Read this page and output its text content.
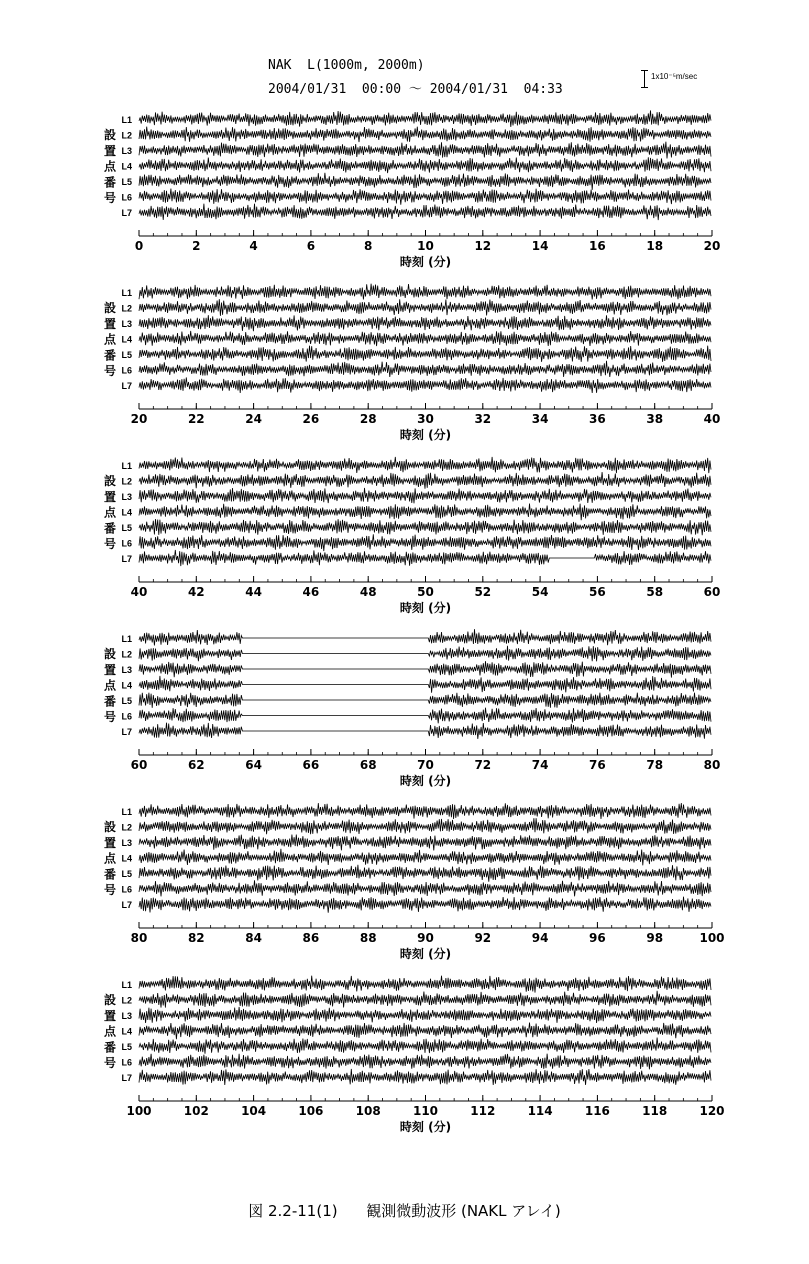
NAK  L(1000m, 2000m)
2004/01/31  00:00 〜 2004/01/31  04:33
1x10⁻⁵m/sec
設
置
点
番
号
L1
L2
L3
L4
L5
L6
L7
0	2	4	6	8	10	12	14	16	18	20
時刻 (分)
設
置
点
番
号
L1
L2
L3
L4
L5
L6
L7
20	22	24	26	28	30	32	34	36	38	40
時刻 (分)
設
置
点
番
号
L1
L2
L3
L4
L5
L6
L7
40	42	44	46	48	50	52	54	56	58	60
時刻 (分)
設
置
点
番
号
L1
L2
L3
L4
L5
L6
L7
60	62	64	66	68	70	72	74	76	78	80
時刻 (分)
設
置
点
番
号
L1
L2
L3
L4
L5
L6
L7
80	82	84	86	88	90	92	94	96	98	100
時刻 (分)
設
置
点
番
号
L1
L2
L3
L4
L5
L6
L7
100	102	104	106	108	110	112	114	116	118	120
時刻 (分)
図 2.2-11(1)      観測微動波形 (NAKL アレイ)
